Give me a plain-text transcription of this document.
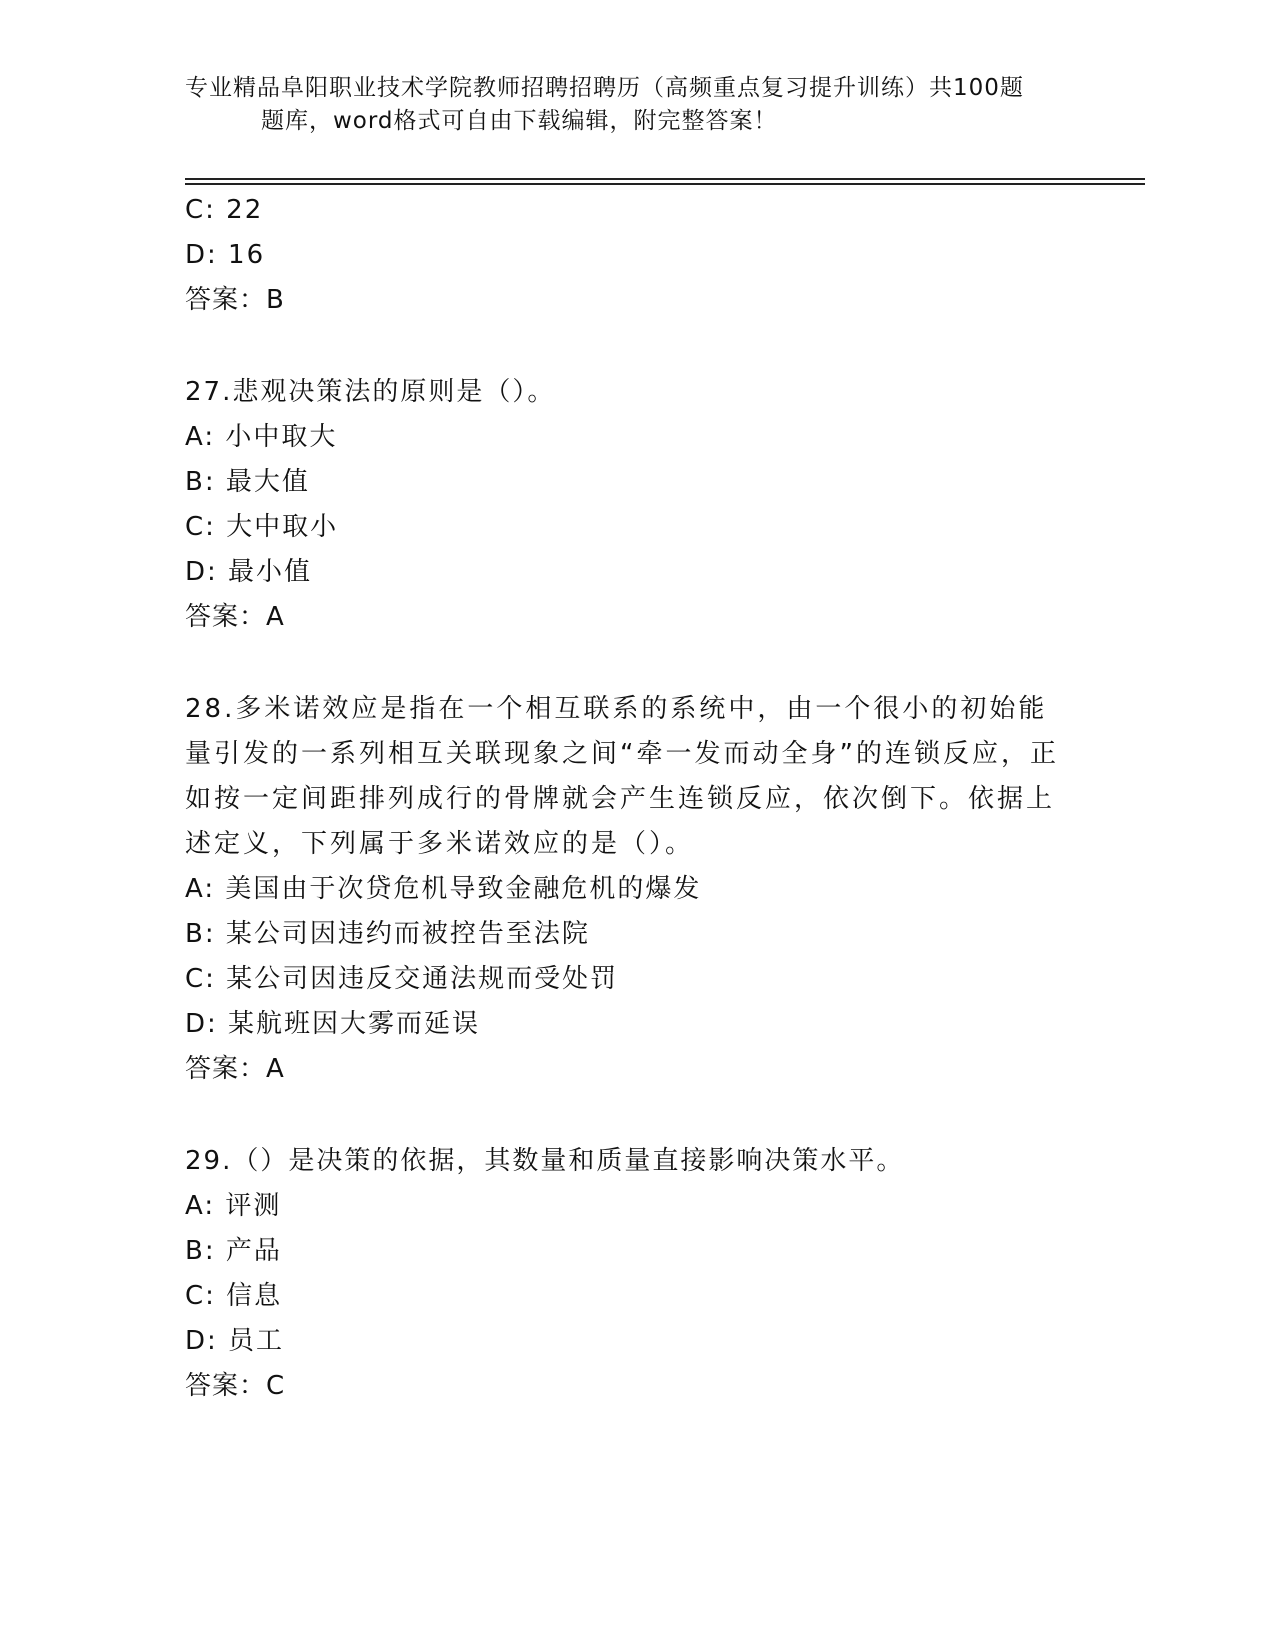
专业精品阜阳职业技术学院教师招聘招聘历（高频重点复习提升训练）共100题
题库，word格式可自由下载编辑，附完整答案！
C: 22
D: 16
答案：B
27.悲观决策法的原则是（）。
A: 小中取大
B: 最大值
C: 大中取小
D: 最小值
答案：A
28.多米诺效应是指在一个相互联系的系统中，由一个很小的初始能量引发的一系列相互关联现象之间“牵一发而动全身”的连锁反应，正如按一定间距排列成行的骨牌就会产生连锁反应，依次倒下。依据上述定义，下列属于多米诺效应的是（）。
A: 美国由于次贷危机导致金融危机的爆发
B: 某公司因违约而被控告至法院
C: 某公司因违反交通法规而受处罚
D: 某航班因大雾而延误
答案：A
29.（）是决策的依据，其数量和质量直接影响决策水平。
A: 评测
B: 产品
C: 信息
D: 员工
答案：C
